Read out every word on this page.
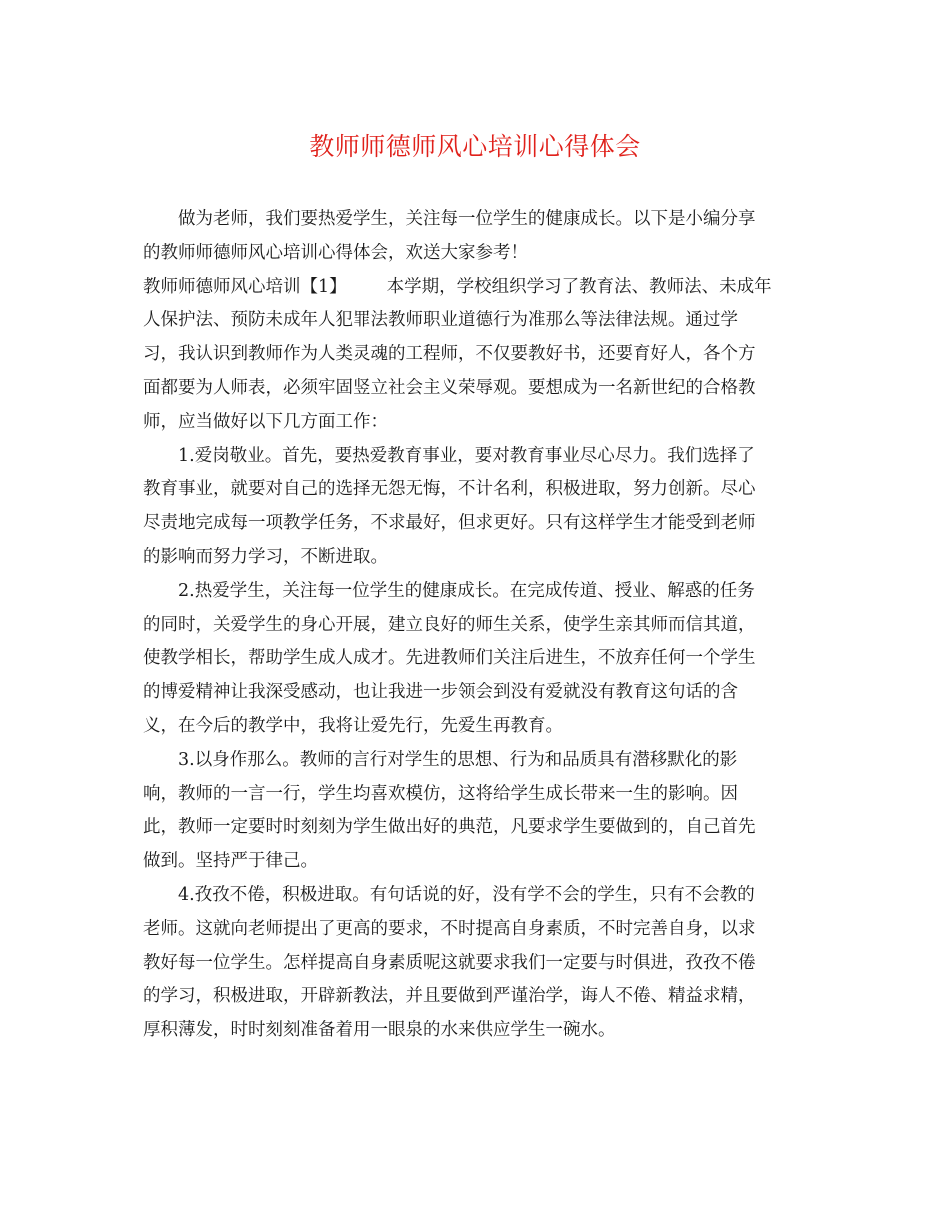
教师师德师风心培训心得体会
做为老师，我们要热爱学生，关注每一位学生的健康成长。以下是小编分享
的教师师德师风心培训心得体会，欢送大家参考！
教师师德师风心培训【1】 本学期，学校组织学习了教育法、教师法、未成年
人保护法、预防未成年人犯罪法教师职业道德行为准那么等法律法规。通过学
习，我认识到教师作为人类灵魂的工程师，不仅要教好书，还要育好人，各个方
面都要为人师表，必须牢固竖立社会主义荣辱观。要想成为一名新世纪的合格教
师，应当做好以下几方面工作：
1.爱岗敬业。首先，要热爱教育事业，要对教育事业尽心尽力。我们选择了
教育事业，就要对自己的选择无怨无悔，不计名利，积极进取，努力创新。尽心
尽责地完成每一项教学任务，不求最好，但求更好。只有这样学生才能受到老师
的影响而努力学习，不断进取。
2.热爱学生，关注每一位学生的健康成长。在完成传道、授业、解惑的任务
的同时，关爱学生的身心开展，建立良好的师生关系，使学生亲其师而信其道，
使教学相长，帮助学生成人成才。先进教师们关注后进生，不放弃任何一个学生
的博爱精神让我深受感动，也让我进一步领会到没有爱就没有教育这句话的含
义，在今后的教学中，我将让爱先行，先爱生再教育。
3.以身作那么。教师的言行对学生的思想、行为和品质具有潜移默化的影
响，教师的一言一行，学生均喜欢模仿，这将给学生成长带来一生的影响。因
此，教师一定要时时刻刻为学生做出好的典范，凡要求学生要做到的，自己首先
做到。坚持严于律己。
4.孜孜不倦，积极进取。有句话说的好，没有学不会的学生，只有不会教的
老师。这就向老师提出了更高的要求，不时提高自身素质，不时完善自身，以求
教好每一位学生。怎样提高自身素质呢这就要求我们一定要与时俱进，孜孜不倦
的学习，积极进取，开辟新教法，并且要做到严谨治学，诲人不倦、精益求精，
厚积薄发，时时刻刻准备着用一眼泉的水来供应学生一碗水。
